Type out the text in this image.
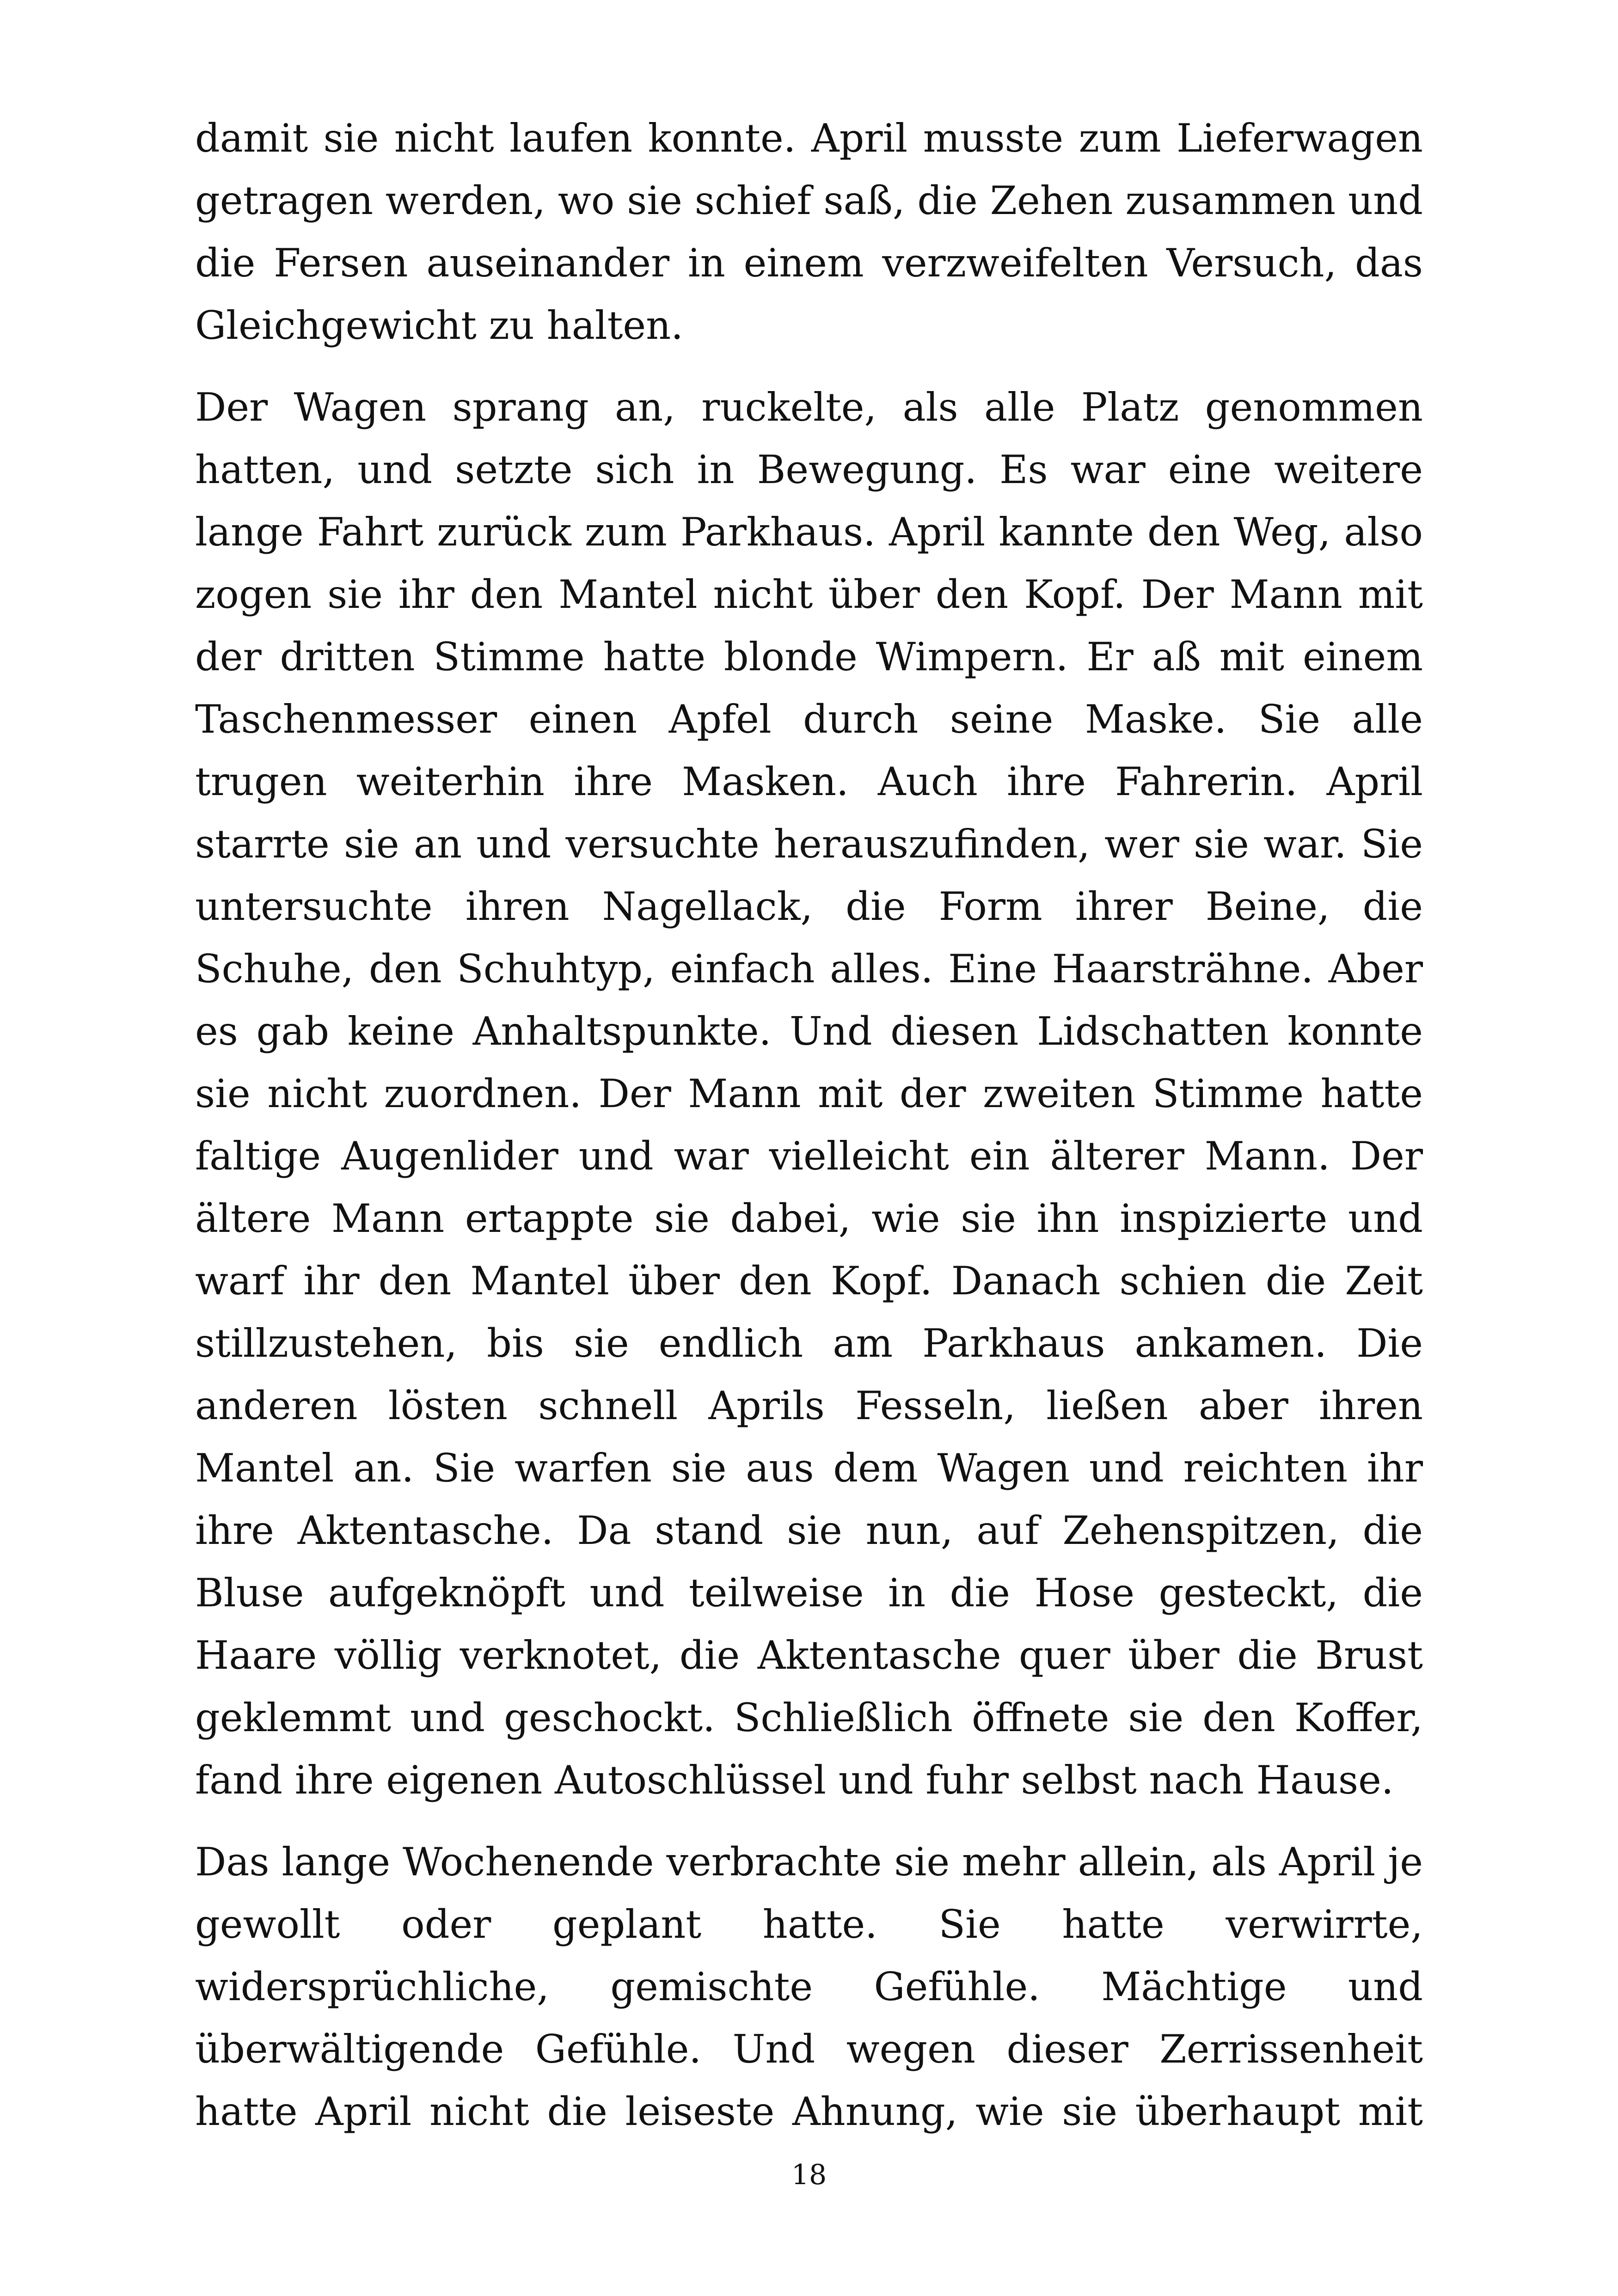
damit sie nicht laufen konnte. April musste zum Lieferwagen getragen werden, wo sie schief saß, die Zehen zusammen und die Fersen auseinander in einem verzweifelten Versuch, das Gleichgewicht zu halten.

Der Wagen sprang an, ruckelte, als alle Platz genommen hatten, und setzte sich in Bewegung. Es war eine weitere lange Fahrt zurück zum Parkhaus. April kannte den Weg, also zogen sie ihr den Mantel nicht über den Kopf. Der Mann mit der dritten Stimme hatte blonde Wimpern. Er aß mit einem Taschenmesser einen Apfel durch seine Maske. Sie alle trugen weiterhin ihre Masken. Auch ihre Fahrerin. April starrte sie an und versuchte herauszufinden, wer sie war. Sie untersuchte ihren Nagellack, die Form ihrer Beine, die Schuhe, den Schuhtyp, einfach alles. Eine Haarsträhne. Aber es gab keine Anhaltspunkte. Und diesen Lidschatten konnte sie nicht zuordnen. Der Mann mit der zweiten Stimme hatte faltige Augenlider und war vielleicht ein älterer Mann. Der ältere Mann ertappte sie dabei, wie sie ihn inspizierte und warf ihr den Mantel über den Kopf. Danach schien die Zeit stillzustehen, bis sie endlich am Parkhaus ankamen. Die anderen lösten schnell Aprils Fesseln, ließen aber ihren Mantel an. Sie warfen sie aus dem Wagen und reichten ihr ihre Aktentasche. Da stand sie nun, auf Zehenspitzen, die Bluse aufgeknöpft und teilweise in die Hose gesteckt, die Haare völlig verknotet, die Aktentasche quer über die Brust geklemmt und geschockt. Schließlich öffnete sie den Koffer, fand ihre eigenen Autoschlüssel und fuhr selbst nach Hause.

Das lange Wochenende verbrachte sie mehr allein, als April je gewollt oder geplant hatte. Sie hatte verwirrte, widersprüchliche, gemischte Gefühle. Mächtige und überwältigende Gefühle. Und wegen dieser Zerrissenheit hatte April nicht die leiseste Ahnung, wie sie überhaupt mit

18
